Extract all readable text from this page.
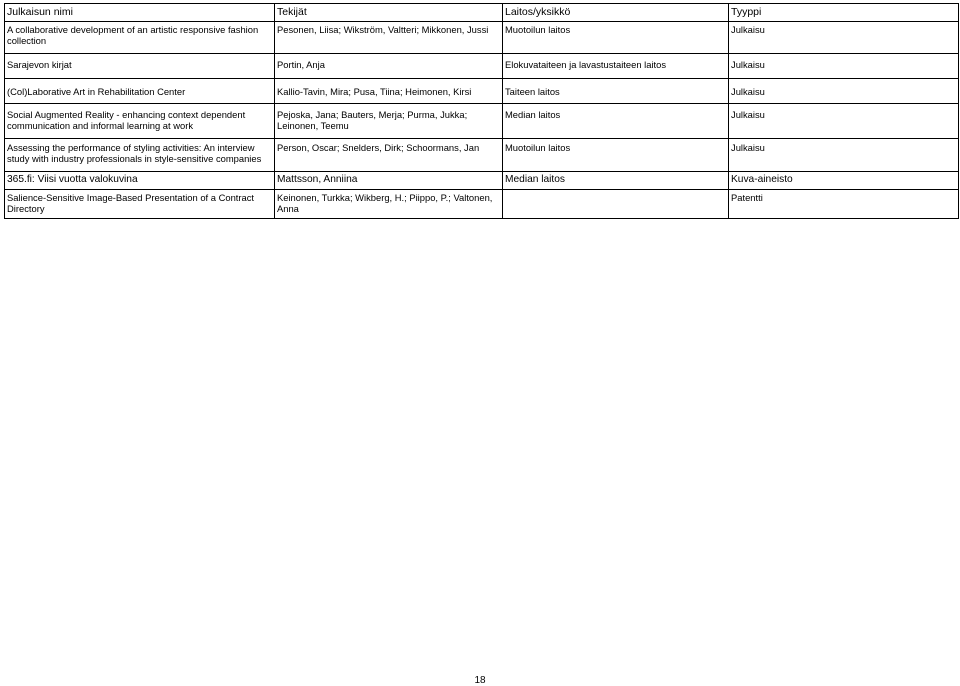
Julkaisun nimi	Tekijät	Laitos/yksikkö	Tyyppi
A collaborative development of an artistic responsive fashion collection	Pesonen, Liisa; Wikström, Valtteri; Mikkonen, Jussi	Muotoilun laitos	Julkaisu
Sarajevon kirjat	Portin, Anja	Elokuvataiteen ja lavastustaiteen laitos	Julkaisu
(Col)Laborative Art in Rehabilitation Center	Kallio-Tavin, Mira; Pusa, Tiina; Heimonen, Kirsi	Taiteen laitos	Julkaisu
Social Augmented Reality - enhancing context dependent communication and informal learning at work	Pejoska, Jana; Bauters, Merja; Purma, Jukka; Leinonen, Teemu	Median laitos	Julkaisu
Assessing the performance of styling activities: An interview study with industry professionals in style-sensitive companies	Person, Oscar; Snelders, Dirk; Schoormans, Jan	Muotoilun laitos	Julkaisu
365.fi: Viisi vuotta valokuvina	Mattsson, Anniina	Median laitos	Kuva-aineisto
Salience-Sensitive Image-Based Presentation of a Contract Directory	Keinonen, Turkka; Wikberg, H.; Piippo, P.; Valtonen, Anna		Patentti
18
